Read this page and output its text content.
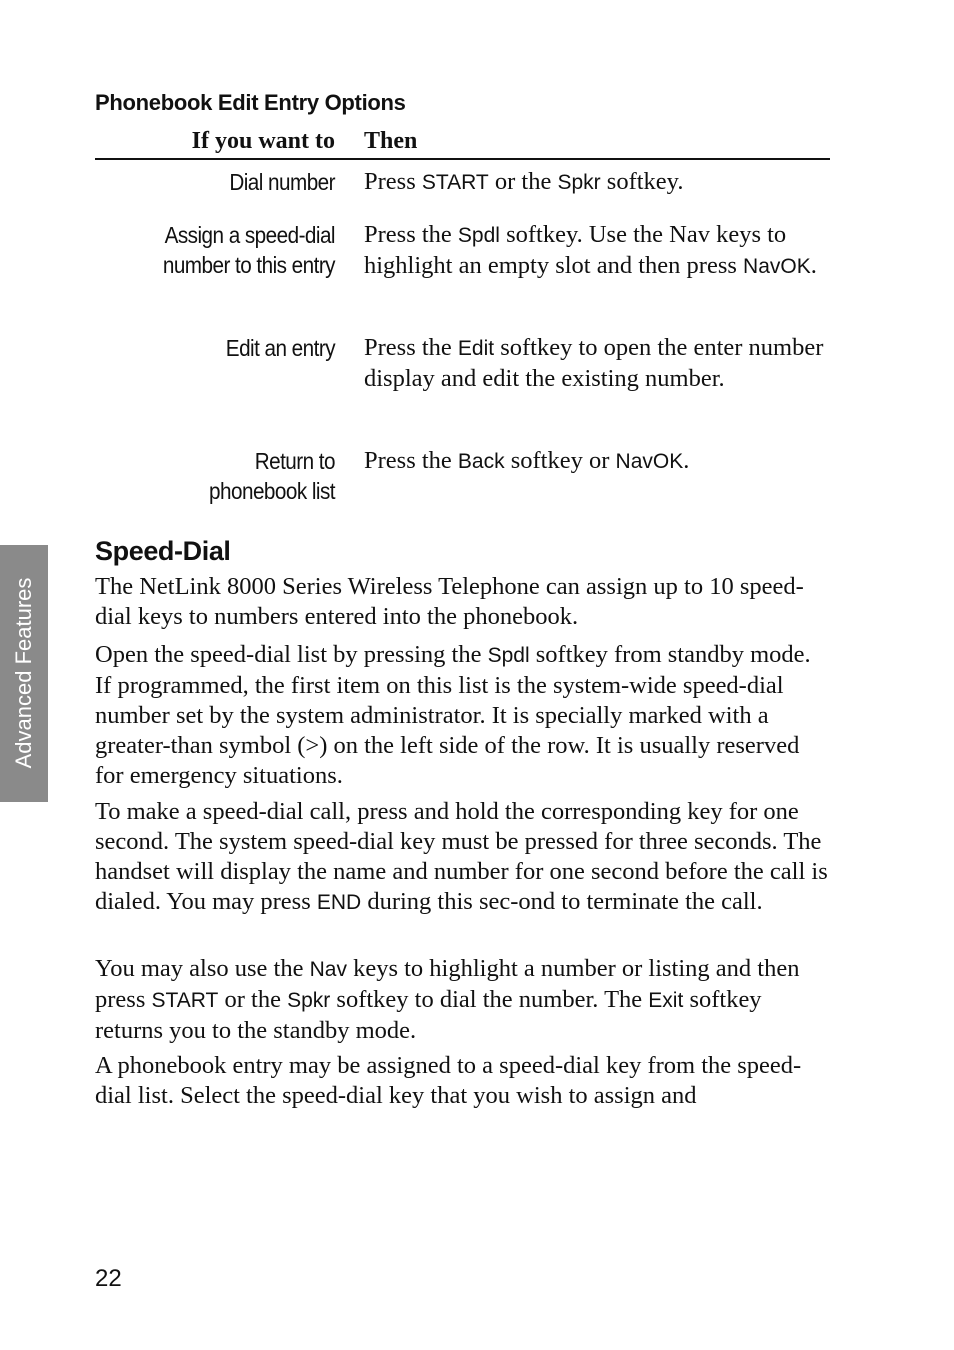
Phonebook Edit Entry Options
If you want to Then
Dial number Press START or the Spkr softkey.
Assign a speed-dial
number to this entry
Press the Spdl softkey. Use the Nav keys to highlight an empty slot and then press NavOK.
Edit an entry Press the Edit softkey to open the enter number display and edit the existing number.
Return to
phonebook list
Press the Back softkey or NavOK.
Speed-Dial
The NetLink 8000 Series Wireless Telephone can assign up to 10 speed-dial keys to numbers entered into the phonebook.
Open the speed-dial list by pressing the Spdl softkey from standby mode. If programmed, the first item on this list is the system-wide speed-dial number set by the system administrator. It is specially marked with a greater-than symbol (>) on the left side of the row. It is usually reserved for emergency situations.
To make a speed-dial call, press and hold the corresponding key for one second. The system speed-dial key must be pressed for three seconds. The handset will display the name and number for one second before the call is dialed. You may press END during this sec-ond to terminate the call.
You may also use the Nav keys to highlight a number or listing and then press START or the Spkr softkey to dial the number. The Exit softkey returns you to the standby mode.
A phonebook entry may be assigned to a speed-dial key from the speed-dial list. Select the speed-dial key that you wish to assign and
Advanced Features
22
